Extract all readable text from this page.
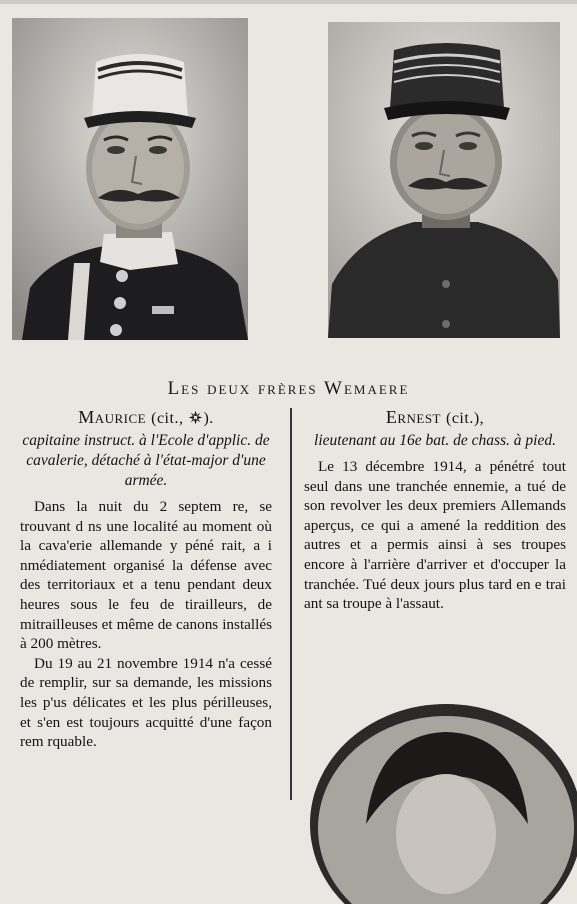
Les deux frères Wemaere
Maurice (cit., ).
capitaine instruct. à l'Ecole d'applic. de cavalerie, détaché à l'état-major d'une armée.

Dans la nuit du 2 septem re, se trouvant d ns une localité au moment où la cava'erie allemande y péné rait, a i nmédiatement organisé la défense avec des territoriaux et a tenu pendant deux heures sous le feu de tirailleurs, de mitrailleuses et même de canons installés à 200 mètres.

Du 19 au 21 novembre 1914 n'a cessé de remplir, sur sa demande, les missions les p'us délicates et les plus périlleuses, et s'en est toujours acquitté d'une façon rem rquable.

Ernest (cit.),
lieutenant au 16e bat. de chass. à pied.

Le 13 décembre 1914, a pénétré tout seul dans une tranchée ennemie, a tué de son revolver les deux premiers Allemands aperçus, ce qui a amené la reddition des autres et a permis ainsi à ses troupes encore à l'arrière d'arriver et d'occuper la tranchée. Tué deux jours plus tard en e trai ant sa troupe à l'assaut.
